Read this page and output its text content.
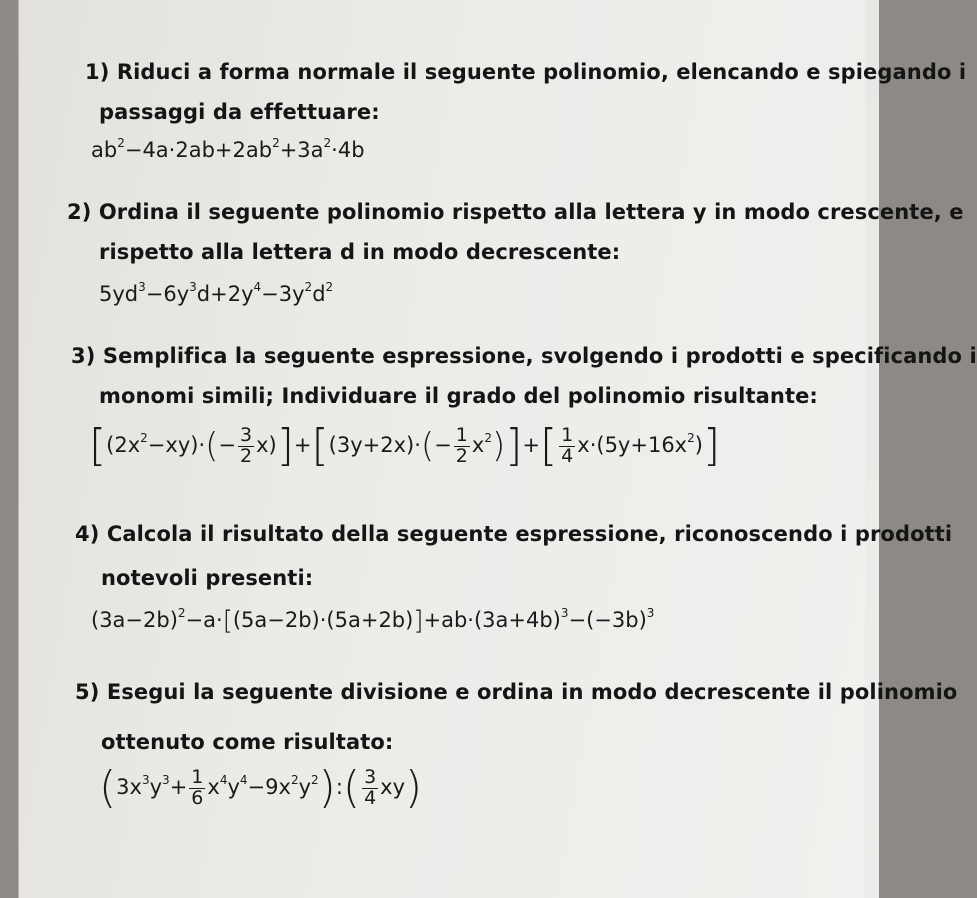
1) Riduci a forma normale il seguente polinomio, elencando e spiegando i
passaggi da effettuare:
$ab^2-4a\cdot 2ab+2ab^2+3a^2\cdot 4b$
2) Ordina il seguente polinomio rispetto alla lettera y in modo crescente, e
rispetto alla lettera d in modo decrescente:
$5yd^3-6y^3d+2y^4-3y^2d^2$
3) Semplifica la seguente espressione, svolgendo i prodotti e specificando i
monomi simili; Individuare il grado del polinomio risultante:
$[(2x^2-xy)\cdot(- \frac{3}{2} x)]+[(3y+2x)\cdot(- \frac{1}{2} x^2)]+[ \frac{1}{4} x\cdot(5y+16x^2)]$
4) Calcola il risultato della seguente espressione, riconoscendo i prodotti
notevoli presenti:
$(3a-2b)^2-a\cdot[(5a-2b)\cdot(5a+2b)]+ab\cdot(3a+4b)^3-(-3b)^3$
5) Esegui la seguente divisione e ordina in modo decrescente il polinomio
ottenuto come risultato:
($3x^3y^3+ \frac{1}{6}$ $x^4y^4-9x^2y^2):( \frac{3}{4} xy)$
